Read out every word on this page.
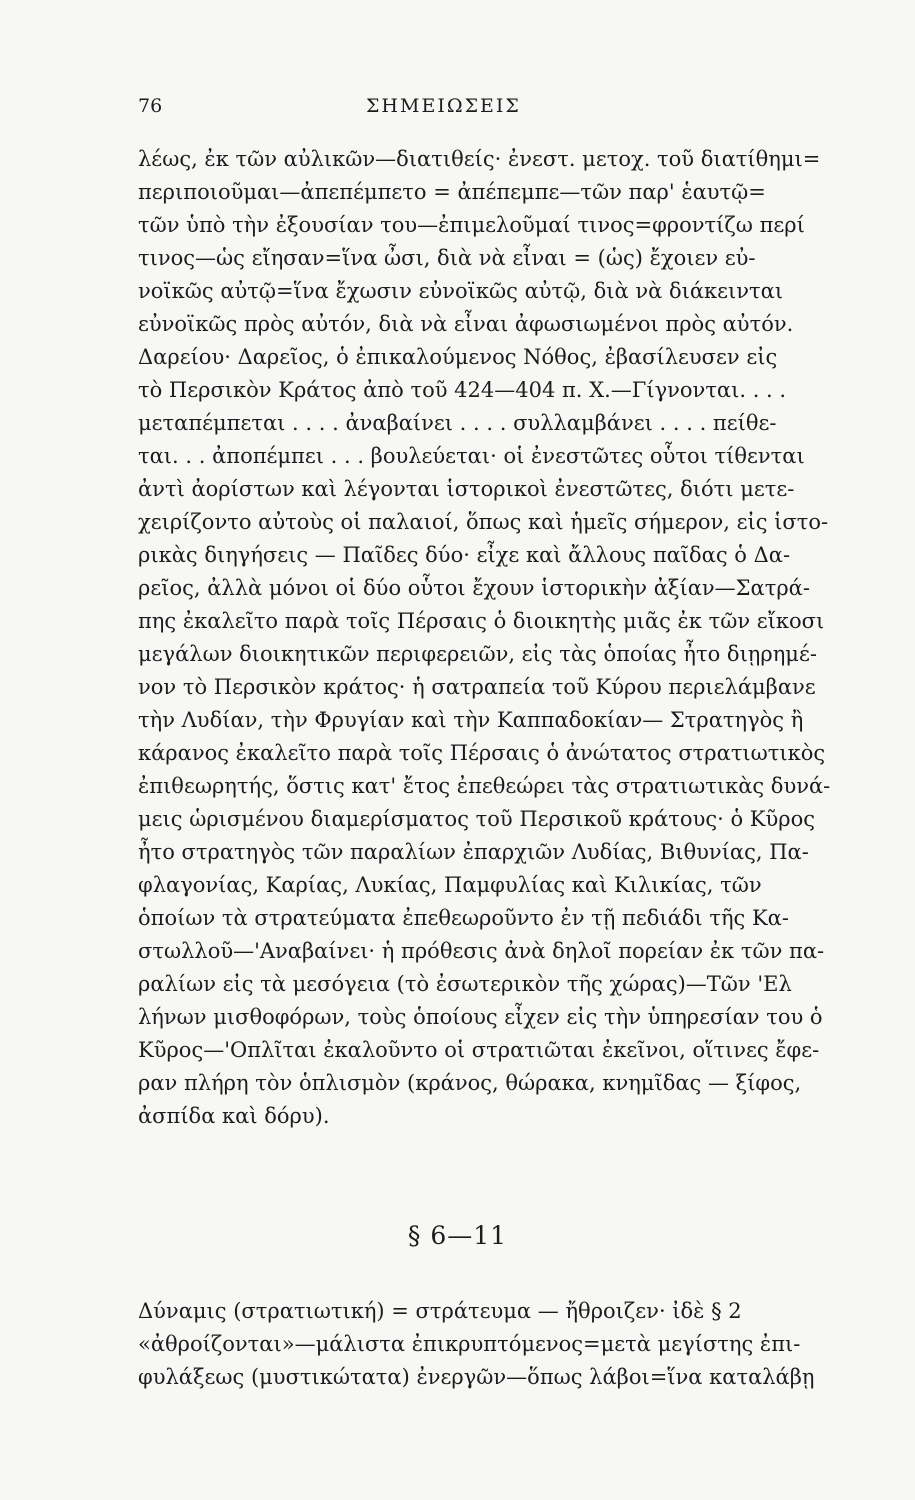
76	ΣΗΜΕΙΩΣΕΙΣ
λέως, ἐκ τῶν αὐλικῶν—διατιθείς· ἐνεστ. μετοχ. τοῦ διατίθημι=
περιποιοῦμαι—ἀπεπέμπετο = ἀπέπεμπε—τῶν παρ' ἑαυτῷ=
τῶν ὑπὸ τὴν ἐξουσίαν του—ἐπιμελοῦμαί τινος=φροντίζω περί
τινος—ὡς εἴησαν=ἵνα ὦσι, διὰ νὰ εἶναι = (ὡς) ἔχοιεν εὐ-
νοϊκῶς αὐτῷ=ἵνα ἔχωσιν εὐνοϊκῶς αὐτῷ, διὰ νὰ διάκεινται
εὐνοϊκῶς πρὸς αὐτόν, διὰ νὰ εἶναι ἀφωσιωμένοι πρὸς αὐτόν.
Δαρείου· Δαρεῖος, ὁ ἐπικαλούμενος Νόθος, ἐβασίλευσεν εἰς
τὸ Περσικὸν Κράτος ἀπὸ τοῦ 424—404 π. Χ.—Γίγνονται. . . .
μεταπέμπεται . . . . ἀναβαίνει . . . . συλλαμβάνει . . . . πείθε-
ται. . . ἀποπέμπει . . . βουλεύεται· οἱ ἐνεστῶτες οὗτοι τίθενται
ἀντὶ ἀορίστων καὶ λέγονται ἱστορικοὶ ἐνεστῶτες, διότι μετε-
χειρίζοντο αὐτοὺς οἱ παλαιοί, ὅπως καὶ ἡμεῖς σήμερον, εἰς ἱστο-
ρικὰς διηγήσεις — Παῖδες δύο· εἶχε καὶ ἄλλους παῖδας ὁ Δα-
ρεῖος, ἀλλὰ μόνοι οἱ δύο οὗτοι ἔχουν ἱστορικὴν ἀξίαν—Σατρά-
πης ἐκαλεῖτο παρὰ τοῖς Πέρσαις ὁ διοικητὴς μιᾶς ἐκ τῶν εἴκοσι
μεγάλων διοικητικῶν περιφερειῶν, εἰς τὰς ὁποίας ἦτο διῃρημέ-
νον τὸ Περσικὸν κράτος· ἡ σατραπεία τοῦ Κύρου περιελάμβανε
τὴν Λυδίαν, τὴν Φρυγίαν καὶ τὴν Καππαδοκίαν— Στρατηγὸς ἢ
κάρανος ἐκαλεῖτο παρὰ τοῖς Πέρσαις ὁ ἀνώτατος στρατιωτικὸς
ἐπιθεωρητής, ὅστις κατ' ἔτος ἐπεθεώρει τὰς στρατιωτικὰς δυνά-
μεις ὡρισμένου διαμερίσματος τοῦ Περσικοῦ κράτους· ὁ Κῦρος
ἦτο στρατηγὸς τῶν παραλίων ἐπαρχιῶν Λυδίας, Βιθυνίας, Πα-
φλαγονίας, Καρίας, Λυκίας, Παμφυλίας καὶ Κιλικίας, τῶν
ὁποίων τὰ στρατεύματα ἐπεθεωροῦντο ἐν τῇ πεδιάδι τῆς Κα-
στωλλοῦ—'Αναβαίνει· ἡ πρόθεσις ἀνὰ δηλοῖ πορείαν ἐκ τῶν πα-
ραλίων εἰς τὰ μεσόγεια (τὸ ἐσωτερικὸν τῆς χώρας)—Τῶν 'Ελ
λήνων μισθοφόρων, τοὺς ὁποίους εἶχεν εἰς τὴν ὑπηρεσίαν του ὁ
Κῦρος—'Οπλῖται ἐκαλοῦντο οἱ στρατιῶται ἐκεῖνοι, οἵτινες ἔφε-
ραν πλήρη τὸν ὁπλισμὸν (κράνος, θώρακα, κνημῖδας — ξίφος,
ἀσπίδα καὶ δόρυ).
§ 6—11
Δύναμις (στρατιωτική) = στράτευμα — ἤθροιζεν· ἰδὲ § 2
«ἀθροίζονται»—μάλιστα ἐπικρυπτόμενος=μετὰ μεγίστης ἐπι-
φυλάξεως (μυστικώτατα) ἐνεργῶν—ὅπως λάβοι=ἵνα καταλάβῃ
